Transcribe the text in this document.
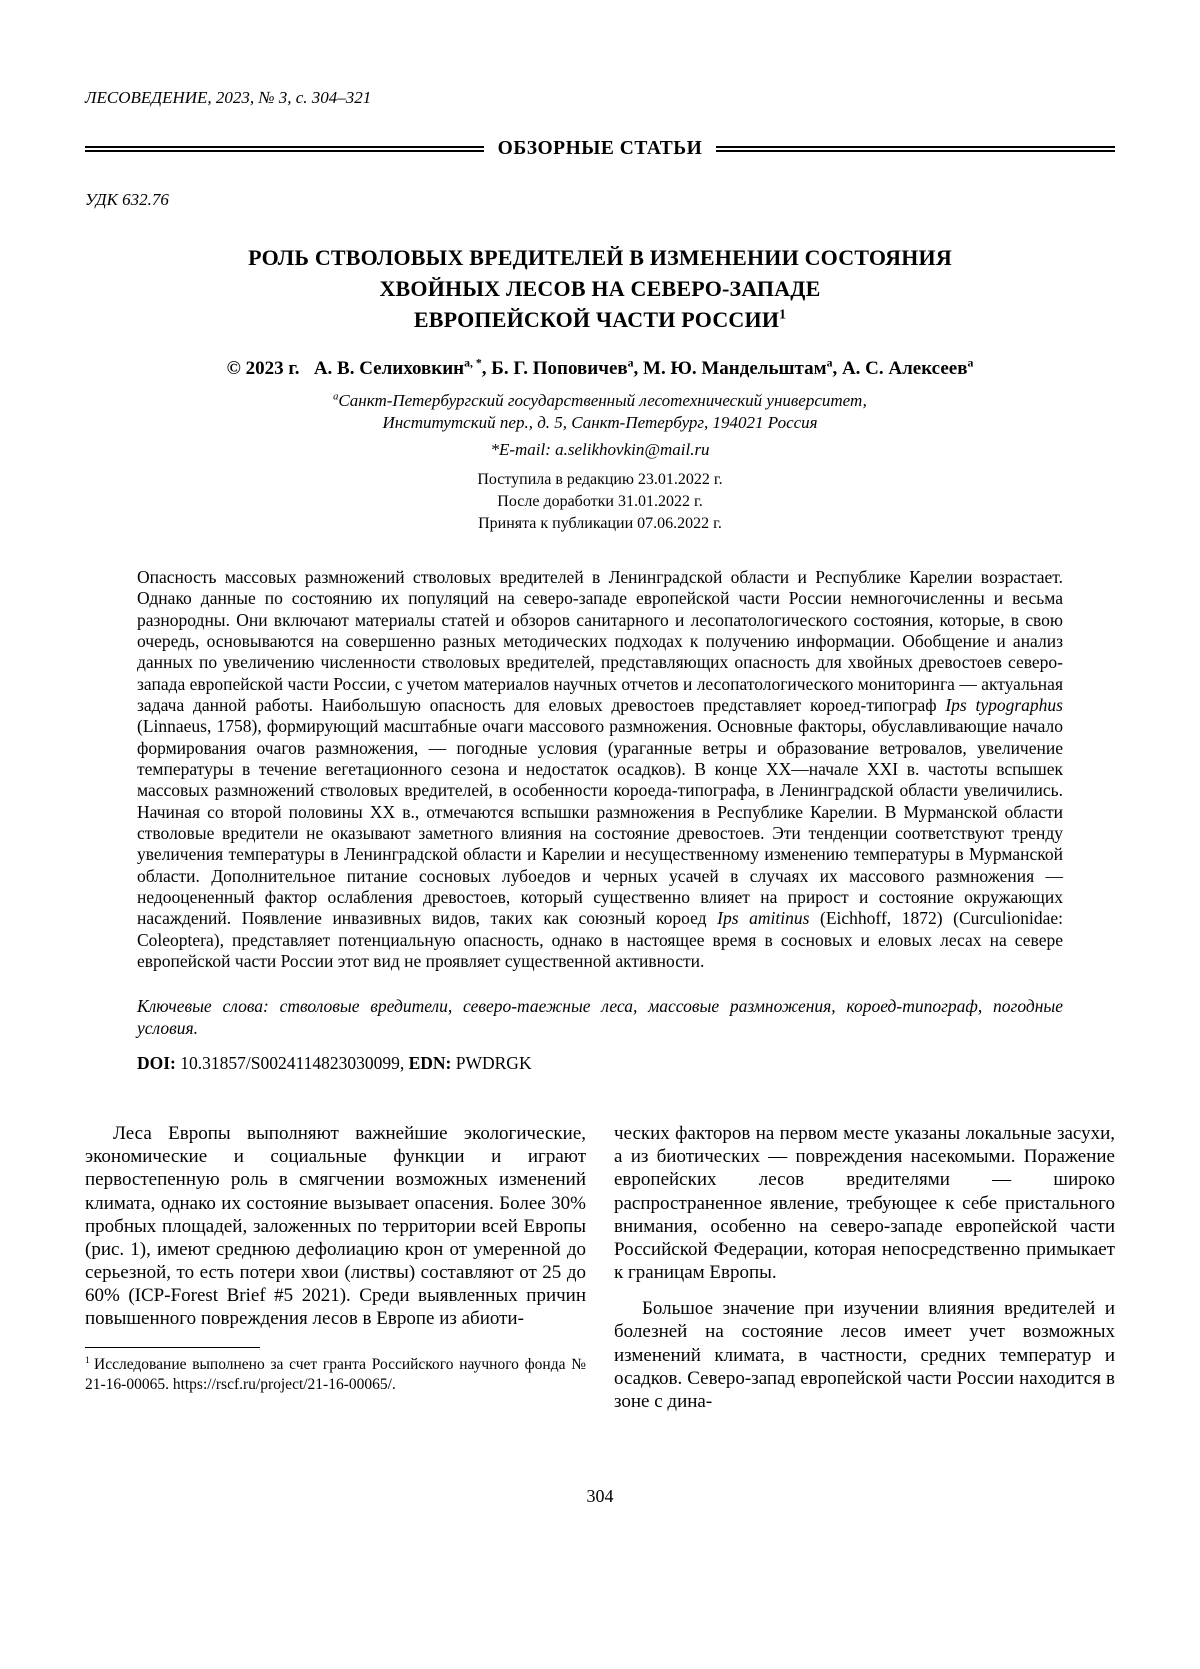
ЛЕСОВЕДЕНИЕ, 2023, № 3, с. 304–321
ОБЗОРНЫЕ СТАТЬИ
УДК 632.76
РОЛЬ СТВОЛОВЫХ ВРЕДИТЕЛЕЙ В ИЗМЕНЕНИИ СОСТОЯНИЯ
ХВОЙНЫХ ЛЕСОВ НА СЕВЕРО-ЗАПАДЕ
ЕВРОПЕЙСКОЙ ЧАСТИ РОССИИ$^1$
© 2023 г.   А. В. Селиховкин$^{a, *}$, Б. Г. Поповичев$^a$, М. Ю. Мандельштам$^a$, А. С. Алексеев$^a$
$^a$Санкт-Петербургский государственный лесотехнический университет,
Институтский пер., д. 5, Санкт-Петербург, 194021 Россия
*E-mail: a.selikhovkin@mail.ru
Поступила в редакцию 23.01.2022 г.
После доработки 31.01.2022 г.
Принята к публикации 07.06.2022 г.
Опасность массовых размножений стволовых вредителей в Ленинградской области и Республике Карелии возрастает. Однако данные по состоянию их популяций на северо-западе европейской части России немногочисленны и весьма разнородны. Они включают материалы статей и обзоров санитарного и лесопатологического состояния, которые, в свою очередь, основываются на совершенно разных методических подходах к получению информации. Обобщение и анализ данных по увеличению численности стволовых вредителей, представляющих опасность для хвойных древостоев северо-запада европейской части России, с учетом материалов научных отчетов и лесопатологического мониторинга — актуальная задача данной работы. Наибольшую опасность для еловых древостоев представляет короед-типограф Ips typographus (Linnaeus, 1758), формирующий масштабные очаги массового размножения. Основные факторы, обуславливающие начало формирования очагов размножения, — погодные условия (ураганные ветры и образование ветровалов, увеличение температуры в течение вегетационного сезона и недостаток осадков). В конце XX—начале XXI в. частоты вспышек массовых размножений стволовых вредителей, в особенности короеда-типографа, в Ленинградской области увеличились. Начиная со второй половины XX в., отмечаются вспышки размножения в Республике Карелии. В Мурманской области стволовые вредители не оказывают заметного влияния на состояние древостоев. Эти тенденции соответствуют тренду увеличения температуры в Ленинградской области и Карелии и несущественному изменению температуры в Мурманской области. Дополнительное питание сосновых лубоедов и черных усачей в случаях их массового размножения — недооцененный фактор ослабления древостоев, который существенно влияет на прирост и состояние окружающих насаждений. Появление инвазивных видов, таких как союзный короед Ips amitinus (Eichhoff, 1872) (Curculionidae: Coleoptera), представляет потенциальную опасность, однако в настоящее время в сосновых и еловых лесах на севере европейской части России этот вид не проявляет существенной активности.
Ключевые слова: стволовые вредители, северо-таежные леса, массовые размножения, короед-типограф, погодные условия.
DOI: 10.31857/S0024114823030099, EDN: PWDRGK

Леса Европы выполняют важнейшие экологические, экономические и социальные функции и играют первостепенную роль в смягчении возможных изменений климата, однако их состояние вызывает опасения. Более 30% пробных площадей, заложенных по территории всей Европы (рис. 1), имеют среднюю дефолиацию крон от умеренной до серьезной, то есть потери хвои (листвы) составляют от 25 до 60% (ICP-Forest Brief #5 2021). Среди выявленных причин повышенного повреждения лесов в Европе из абиоти-

$^1$ Исследование выполнено за счет гранта Российского научного фонда № 21-16-00065. https://rscf.ru/project/21-16-00065/.

ческих факторов на первом месте указаны локальные засухи, а из биотических — повреждения насекомыми. Поражение европейских лесов вредителями — широко распространенное явление, требующее к себе пристального внимания, особенно на северо-западе европейской части Российской Федерации, которая непосредственно примыкает к границам Европы.

Большое значение при изучении влияния вредителей и болезней на состояние лесов имеет учет возможных изменений климата, в частности, средних температур и осадков. Северо-запад европейской части России находится в зоне с дина-

304
